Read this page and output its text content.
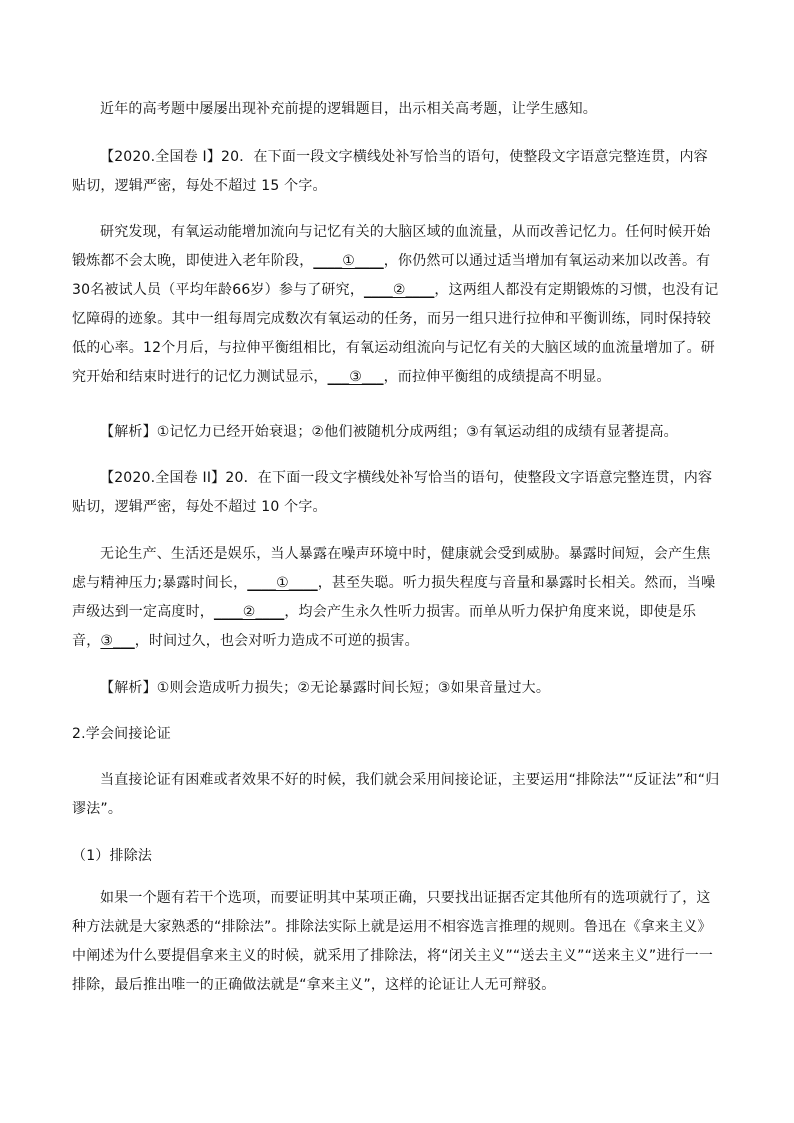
近年的高考题中屡屡出现补充前提的逻辑题目，出示相关高考题，让学生感知。

【2020.全国卷 I】20．在下面一段文字横线处补写恰当的语句，使整段文字语意完整连贯，内容贴切，逻辑严密，每处不超过 15 个字。

研究发现，有氧运动能增加流向与记忆有关的大脑区域的血流量，从而改善记忆力。任何时候开始锻炼都不会太晚，即使进入老年阶段，____①____，你仍然可以通过适当增加有氧运动来加以改善。有30名被试人员（平均年龄66岁）参与了研究，____②____，这两组人都没有定期锻炼的习惯，也没有记忆障碍的迹象。其中一组每周完成数次有氧运动的任务，而另一组只进行拉伸和平衡训练，同时保持较低的心率。12个月后，与拉伸平衡组相比，有氧运动组流向与记忆有关的大脑区域的血流量增加了。研究开始和结束时进行的记忆力测试显示，___③___，而拉伸平衡组的成绩提高不明显。

【解析】①记忆力已经开始衰退；②他们被随机分成两组；③有氧运动组的成绩有显著提高。

【2020.全国卷 II】20．在下面一段文字横线处补写恰当的语句，使整段文字语意完整连贯，内容贴切，逻辑严密，每处不超过 10 个字。

无论生产、生活还是娱乐，当人暴露在噪声环境中时，健康就会受到威胁。暴露时间短，会产生焦虑与精神压力;暴露时间长，____①____，甚至失聪。听力损失程度与音量和暴露时长相关。然而，当噪声级达到一定高度时，____②____，均会产生永久性听力损害。而单从听力保护角度来说，即使是乐音，③___，时间过久，也会对听力造成不可逆的损害。

【解析】①则会造成听力损失；②无论暴露时间长短；③如果音量过大。

2.学会间接论证

当直接论证有困难或者效果不好的时候，我们就会采用间接论证，主要运用“排除法”“反证法”和“归谬法”。

（1）排除法

如果一个题有若干个选项，而要证明其中某项正确，只要找出证据否定其他所有的选项就行了，这种方法就是大家熟悉的“排除法”。排除法实际上就是运用不相容选言推理的规则。鲁迅在《拿来主义》中阐述为什么要提倡拿来主义的时候，就采用了排除法，将“闭关主义”“送去主义”“送来主义”进行一一排除，最后推出唯一的正确做法就是“拿来主义”，这样的论证让人无可辩驳。
